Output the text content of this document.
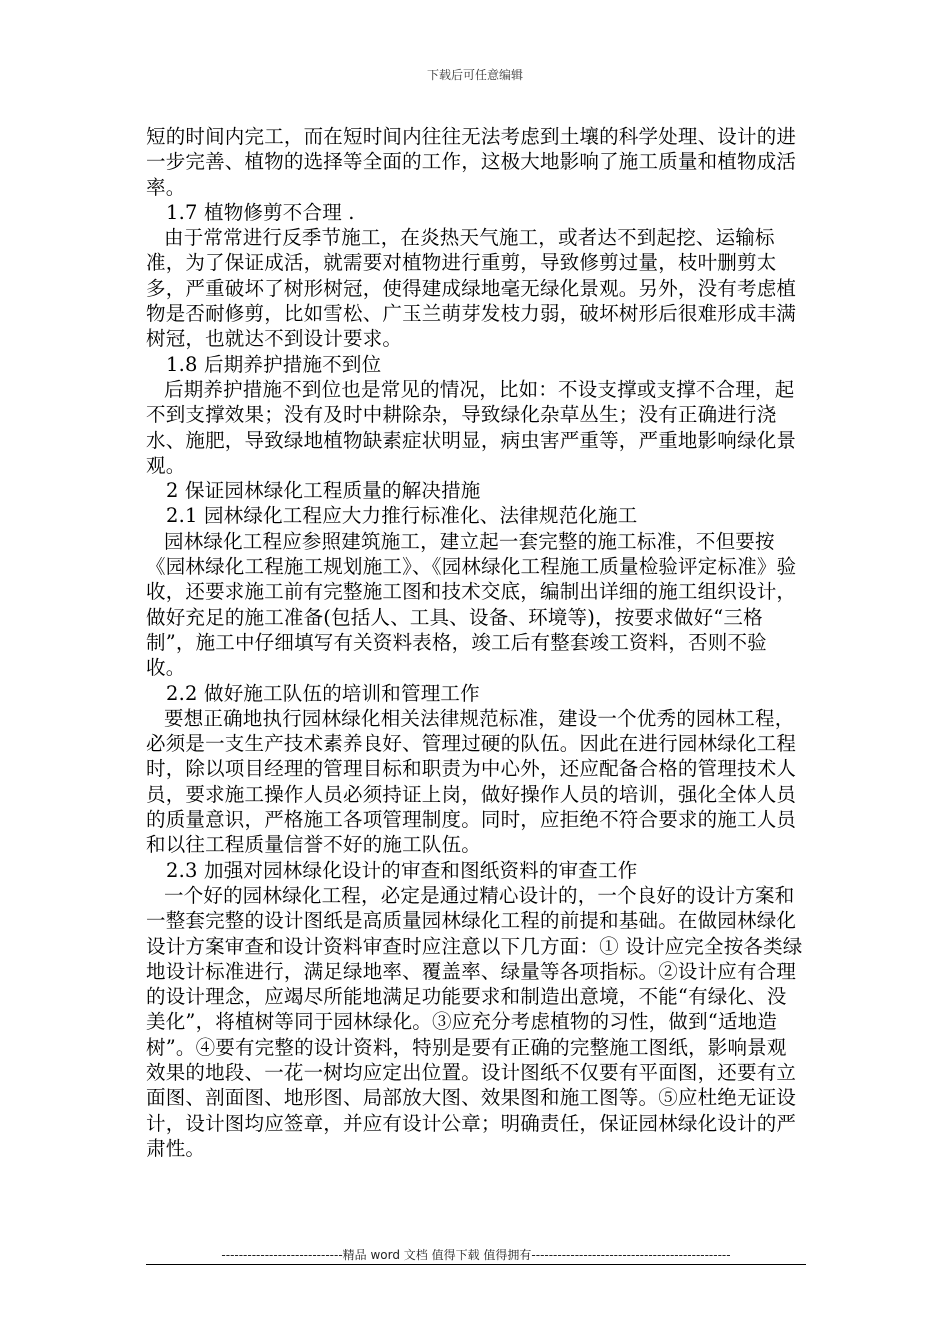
下载后可任意编辑

短的时间内完工，而在短时间内往往无法考虑到土壤的科学处理、设计的进一步完善、植物的选择等全面的工作，这极大地影响了施工质量和植物成活率。

1.7 植物修剪不合理 .

由于常常进行反季节施工，在炎热天气施工，或者达不到起挖、运输标准，为了保证成活，就需要对植物进行重剪，导致修剪过量，枝叶删剪太多，严重破坏了树形树冠，使得建成绿地毫无绿化景观。另外，没有考虑植物是否耐修剪，比如雪松、广玉兰萌芽发枝力弱，破坏树形后很难形成丰满树冠，也就达不到设计要求。

1.8 后期养护措施不到位

后期养护措施不到位也是常见的情况，比如：不设支撑或支撑不合理，起不到支撑效果；没有及时中耕除杂，导致绿化杂草丛生；没有正确进行浇水、施肥，导致绿地植物缺素症状明显，病虫害严重等，严重地影响绿化景观。

2 保证园林绿化工程质量的解决措施

2.1 园林绿化工程应大力推行标准化、法律规范化施工

园林绿化工程应参照建筑施工，建立起一套完整的施工标准，不但要按《园林绿化工程施工规划施工》、《园林绿化工程施工质量检验评定标准》验收，还要求施工前有完整施工图和技术交底，编制出详细的施工组织设计，做好充足的施工准备(包括人、工具、设备、环境等)，按要求做好“三格制”，施工中仔细填写有关资料表格，竣工后有整套竣工资料，否则不验收。

2.2 做好施工队伍的培训和管理工作

要想正确地执行园林绿化相关法律规范标准，建设一个优秀的园林工程，必须是一支生产技术素养良好、管理过硬的队伍。因此在进行园林绿化工程时，除以项目经理的管理目标和职责为中心外，还应配备合格的管理技术人员，要求施工操作人员必须持证上岗，做好操作人员的培训，强化全体人员的质量意识，严格施工各项管理制度。同时，应拒绝不符合要求的施工人员和以往工程质量信誉不好的施工队伍。

2.3 加强对园林绿化设计的审查和图纸资料的审查工作

一个好的园林绿化工程，必定是通过精心设计的，一个良好的设计方案和一整套完整的设计图纸是高质量园林绿化工程的前提和基础。在做园林绿化设计方案审查和设计资料审查时应注意以下几方面：① 设计应完全按各类绿地设计标准进行，满足绿地率、覆盖率、绿量等各项指标。②设计应有合理的设计理念，应竭尽所能地满足功能要求和制造出意境，不能“有绿化、没美化”，将植树等同于园林绿化。③应充分考虑植物的习性，做到“适地造树”。④要有完整的设计资料，特别是要有正确的完整施工图纸，影响景观效果的地段、一花一树均应定出位置。设计图纸不仅要有平面图，还要有立面图、剖面图、地形图、局部放大图、效果图和施工图等。⑤应杜绝无证设计，设计图均应签章，并应有设计公章；明确责任，保证园林绿化设计的严肃性。

----------------------------精品 word 文档 值得下载 值得拥有----------------------------------------------
